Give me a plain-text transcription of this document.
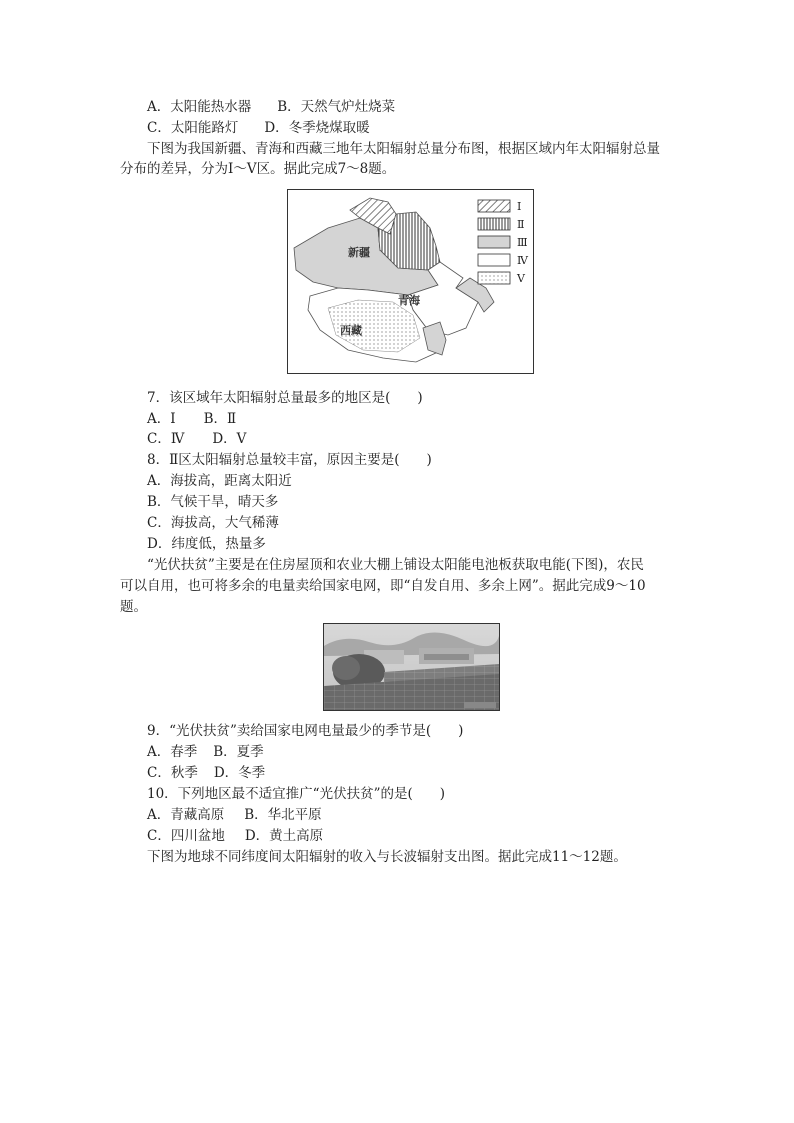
A．太阳能热水器 B．天然气炉灶烧菜
C．太阳能路灯 D．冬季烧煤取暖
下图为我国新疆、青海和西藏三地年太阳辐射总量分布图，根据区域内年太阳辐射总量
分布的差异，分为Ⅰ～Ⅴ区。据此完成7～8题。
新疆
青海
西藏
Ⅰ
Ⅱ
Ⅲ
Ⅳ
Ⅴ
7．该区域年太阳辐射总量最多的地区是(　　)
A．Ⅰ B．Ⅱ
C．Ⅳ D．Ⅴ
8．Ⅱ区太阳辐射总量较丰富，原因主要是(　　)
A．海拔高，距离太阳近
B．气候干旱，晴天多
C．海拔高，大气稀薄
D．纬度低，热量多
“光伏扶贫”主要是在住房屋顶和农业大棚上铺设太阳能电池板获取电能(下图)，农民
可以自用，也可将多余的电量卖给国家电网，即“自发自用、多余上网”。据此完成9～10
题。
9．“光伏扶贫”卖给国家电网电量最少的季节是(　　)
A．春季 B．夏季
C．秋季 D．冬季
10．下列地区最不适宜推广“光伏扶贫”的是(　　)
A．青藏高原 B．华北平原
C．四川盆地 D．黄土高原
下图为地球不同纬度间太阳辐射的收入与长波辐射支出图。据此完成11～12题。
